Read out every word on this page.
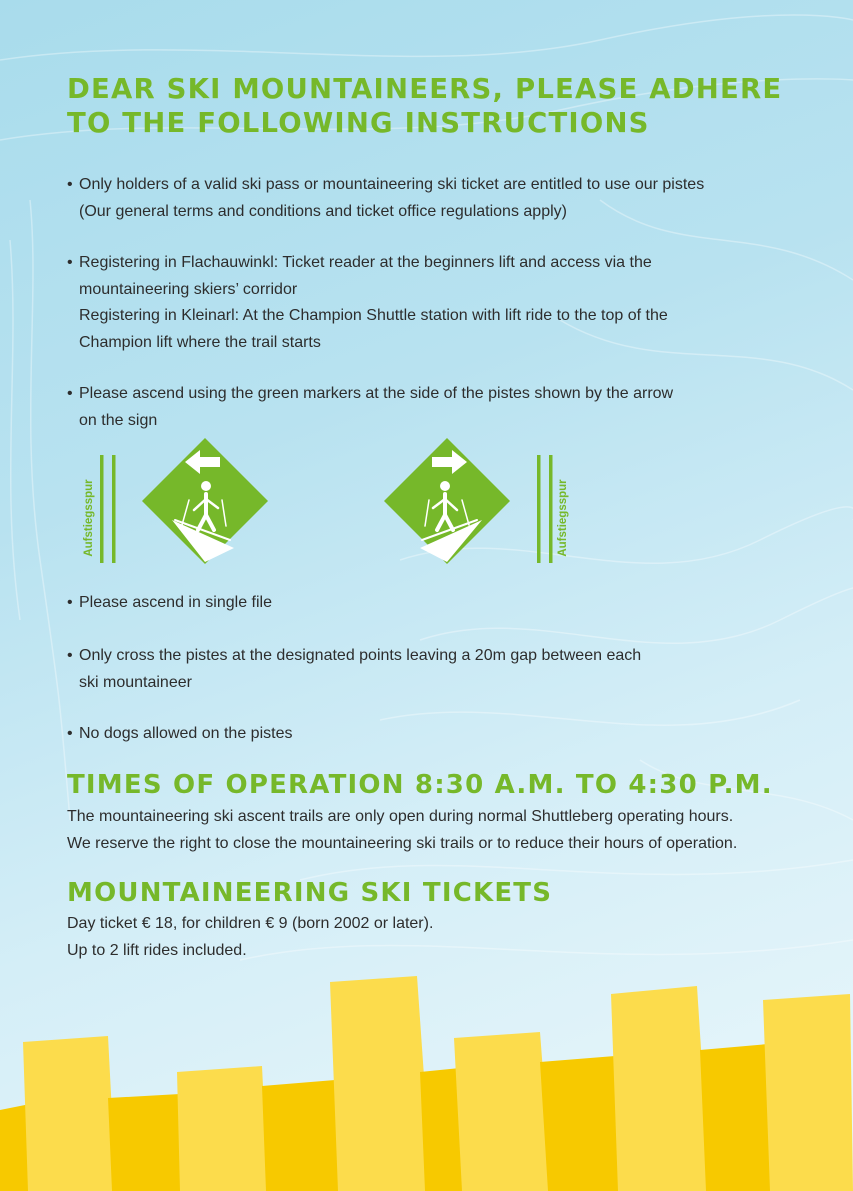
DEAR SKI MOUNTAINEERS, PLEASE ADHERE
TO THE FOLLOWING INSTRUCTIONS
• Only holders of a valid ski pass or mountaineering ski ticket are entitled to use our pistes
(Our general terms and conditions and ticket office regulations apply)
• Registering in Flachauwinkl: Ticket reader at the beginners lift and access via the
mountaineering skiers’ corridor
Registering in Kleinarl: At the Champion Shuttle station with lift ride to the top of the
Champion lift where the trail starts
• Please ascend using the green markers at the side of the pistes shown by the arrow
on the sign
• Please ascend in single file
• Only cross the pistes at the designated points leaving a 20m gap between each
ski mountaineer
• No dogs allowed on the pistes
TIMES OF OPERATION 8:30 A.M. TO 4:30 P.M.
The mountaineering ski ascent trails are only open during normal Shuttleberg operating hours.
We reserve the right to close the mountaineering ski trails or to reduce their hours of operation.
MOUNTAINEERING SKI TICKETS
Day ticket € 18, for children € 9 (born 2002 or later).
Up to 2 lift rides included.
Aufstiegsspur	Aufstiegsspur
